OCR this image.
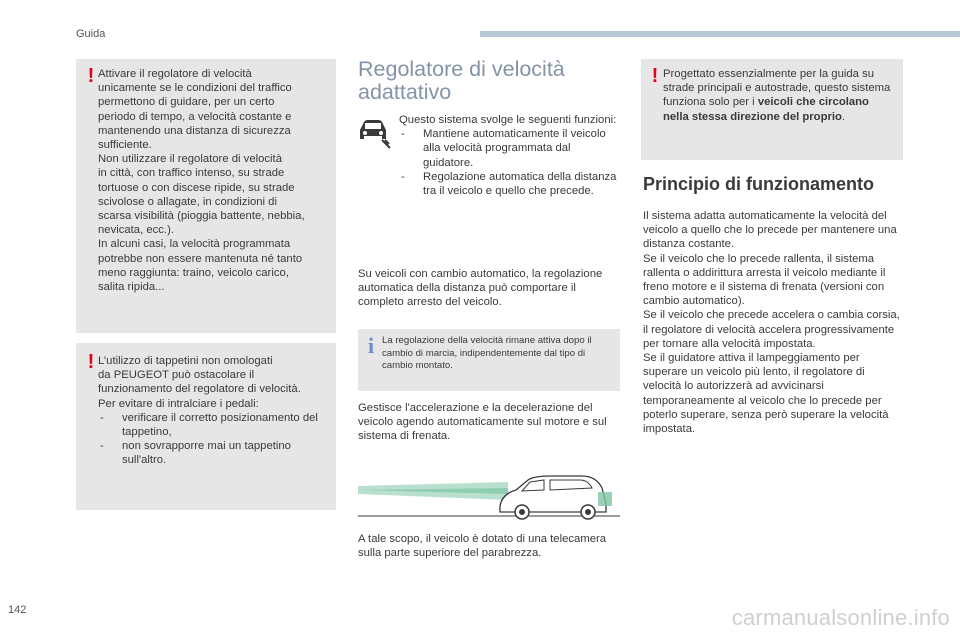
Guida
! Attivare il regolatore di velocità

unicamente se le condizioni del traffico

permettono di guidare, per un certo

periodo di tempo, a velocità costante e

mantenendo una distanza di sicurezza

sufficiente.

Non utilizzare il regolatore di velocità

in città, con traffico intenso, su strade

tortuose o con discese ripide, su strade

scivolose o allagate, in condizioni di

scarsa visibilità (pioggia battente, nebbia,

nevicata, ecc.).

In alcuni casi, la velocità programmata

potrebbe non essere mantenuta né tanto

meno raggiunta: traino, veicolo carico,

salita ripida...

! L’utilizzo di tappetini non omologati

da PEUGEOT può ostacolare il

funzionamento del regolatore di velocità.

Per evitare di intralciare i pedali:

- verificare il corretto posizionamento del tappetino,
- non sovrapporre mai un tappetino sull'altro.
Regolatore di velocità adattativo

Questo sistema svolge le seguenti funzioni:

- Mantiene automaticamente il veicolo alla velocità programmata dal guidatore.
- Regolazione automatica della distanza tra il veicolo e quello che precede.
Su veicoli con cambio automatico, la regolazione automatica della distanza può comportare il completo arresto del veicolo.
i La regolazione della velocità rimane attiva dopo il cambio di marcia, indipendentemente dal tipo di cambio montato.
Gestisce l'accelerazione e la decelerazione del veicolo agendo automaticamente sul motore e sul sistema di frenata.
A tale scopo, il veicolo è dotato di una telecamera sulla parte superiore del parabrezza.
! Progettato essenzialmente per la guida su strade principali e autostrade, questo sistema funziona solo per i veicoli che circolano nella stessa direzione del proprio.
Principio di funzionamento

Il sistema adatta automaticamente la velocità del veicolo a quello che lo precede per mantenere una distanza costante.

Se il veicolo che lo precede rallenta, il sistema rallenta o addirittura arresta il veicolo mediante il freno motore e il sistema di frenata (versioni con cambio automatico).

Se il veicolo che precede accelera o cambia corsia, il regolatore di velocità accelera progressivamente per tornare alla velocità impostata.

Se il guidatore attiva il lampeggiamento per superare un veicolo più lento, il regolatore di velocità lo autorizzerà ad avvicinarsi temporaneamente al veicolo che lo precede per poterlo superare, senza però superare la velocità impostata.

142	carmanualsonline.info
